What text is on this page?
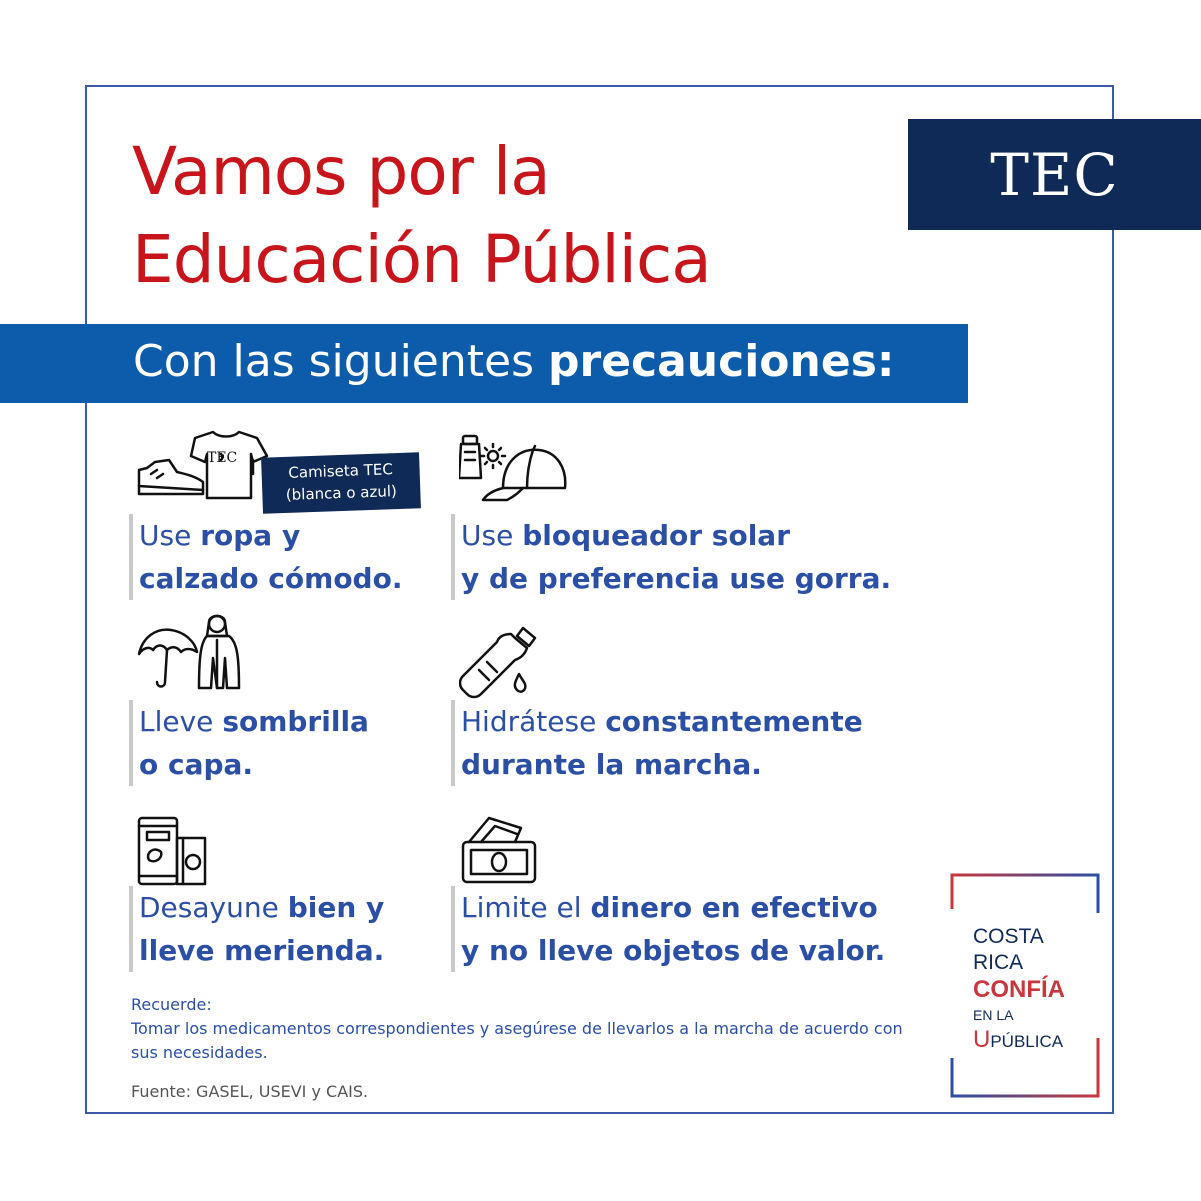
TEC
Vamos por la
Educación Pública
Con las siguientes precauciones:
TEC
Use ropa y
calzado cómodo.
Camiseta TEC
(blanca o azul)
Use bloqueador solar
y de preferencia use gorra.
Lleve sombrilla
o capa.
Hidrátese constantemente
durante la marcha.
Desayune bien y
lleve merienda.
Limite el dinero en efectivo
y no lleve objetos de valor.
Recuerde:
Tomar los medicamentos correspondientes y asegúrese de llevarlos a la marcha de acuerdo con sus necesidades.
Fuente: GASEL, USEVI y CAIS.
COSTA
RICA
CONFÍA
EN LA
UPÚBLICA
